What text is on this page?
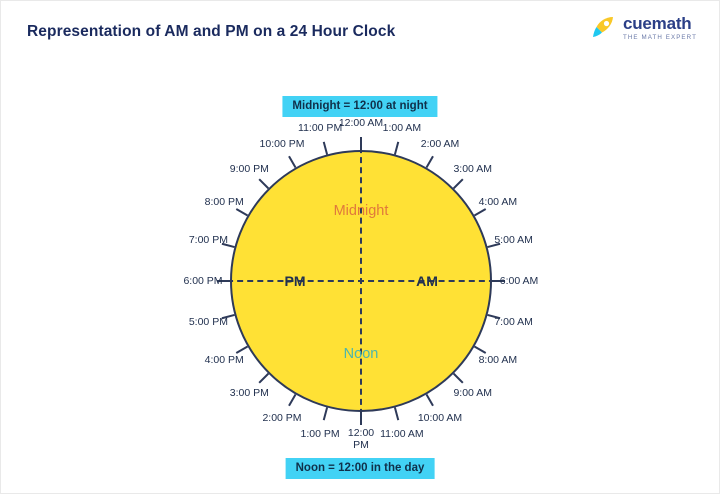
Representation of AM and PM on a 24 Hour Clock	cuemath
THE MATH EXPERT
Midnight = 12:00 at night
Noon = 12:00 in the day
12:00 AM 1:00 AM
2:00 AM
3:00 AM
4:00 AM
5:00 AM
6:00 AM
7:00 AM
8:00 AM
9:00 AM
10:00 AM
11:00 AM
12:00
PM
1:00 PM
2:00 PM
3:00 PM
4:00 PM
5:00 PM
6:00 PM
7:00 PM
8:00 PM
9:00 PM
10:00 PM
11:00 PM
PM	AM
Midnight
Noon
